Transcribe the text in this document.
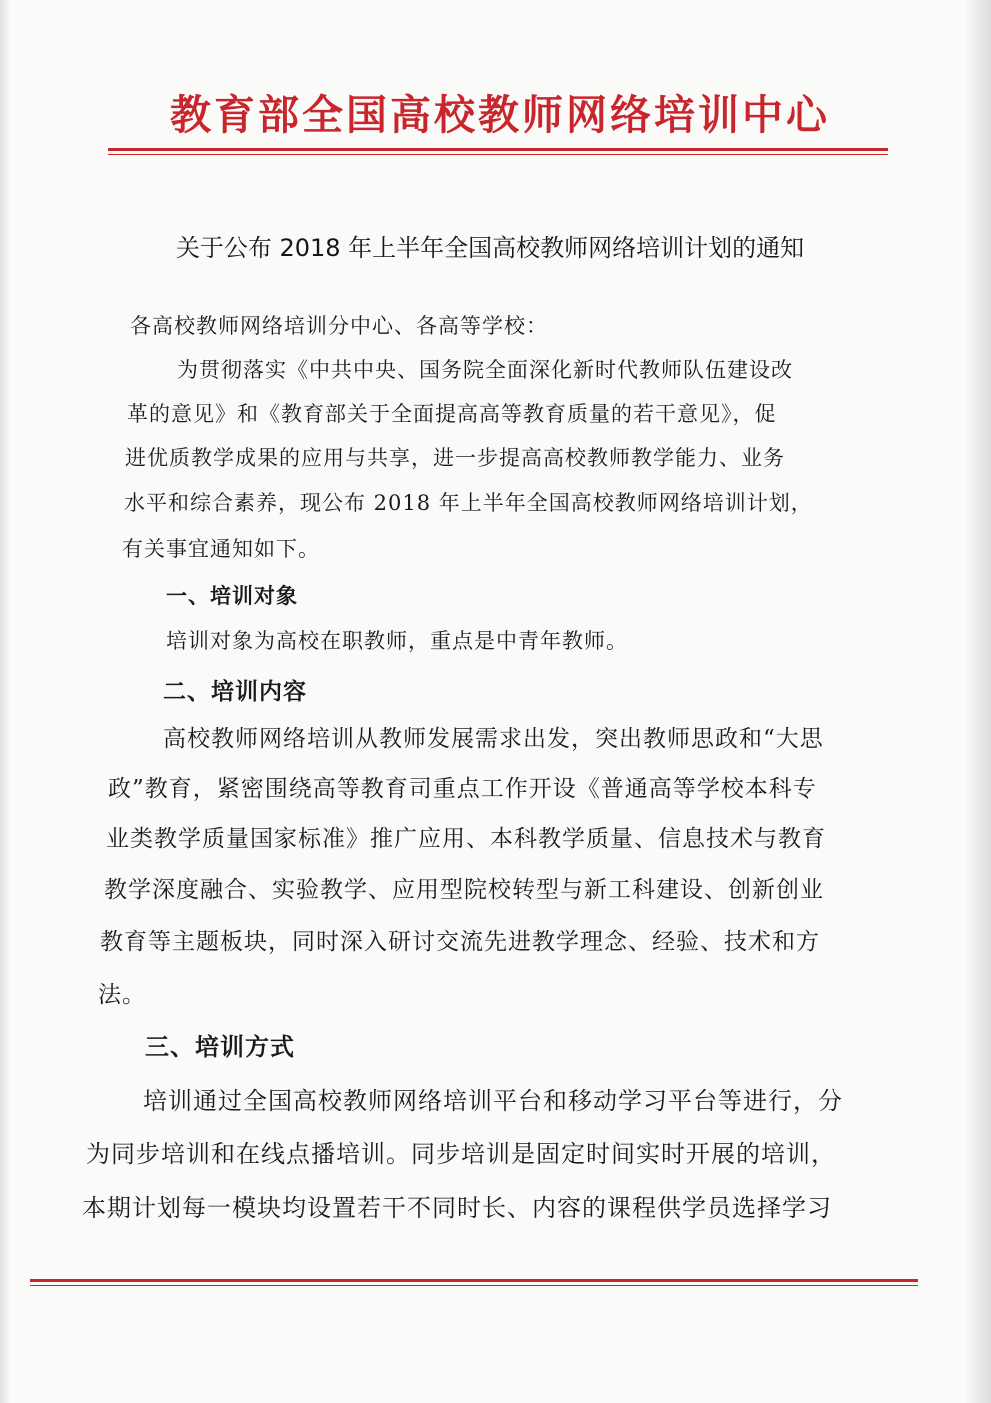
教育部全国高校教师网络培训中心
关于公布 2018 年上半年全国高校教师网络培训计划的通知
各高校教师网络培训分中心、各高等学校：
为贯彻落实《中共中央、国务院全面深化新时代教师队伍建设改
革的意见》和《教育部关于全面提高高等教育质量的若干意见》，促
进优质教学成果的应用与共享，进一步提高高校教师教学能力、业务
水平和综合素养，现公布 2018 年上半年全国高校教师网络培训计划，
有关事宜通知如下。
一、培训对象
培训对象为高校在职教师，重点是中青年教师。
二、培训内容
高校教师网络培训从教师发展需求出发，突出教师思政和“大思
政”教育，紧密围绕高等教育司重点工作开设《普通高等学校本科专
业类教学质量国家标准》推广应用、本科教学质量、信息技术与教育
教学深度融合、实验教学、应用型院校转型与新工科建设、创新创业
教育等主题板块，同时深入研讨交流先进教学理念、经验、技术和方
法。
三、培训方式
培训通过全国高校教师网络培训平台和移动学习平台等进行，分
为同步培训和在线点播培训。同步培训是固定时间实时开展的培训，
本期计划每一模块均设置若干不同时长、内容的课程供学员选择学习
